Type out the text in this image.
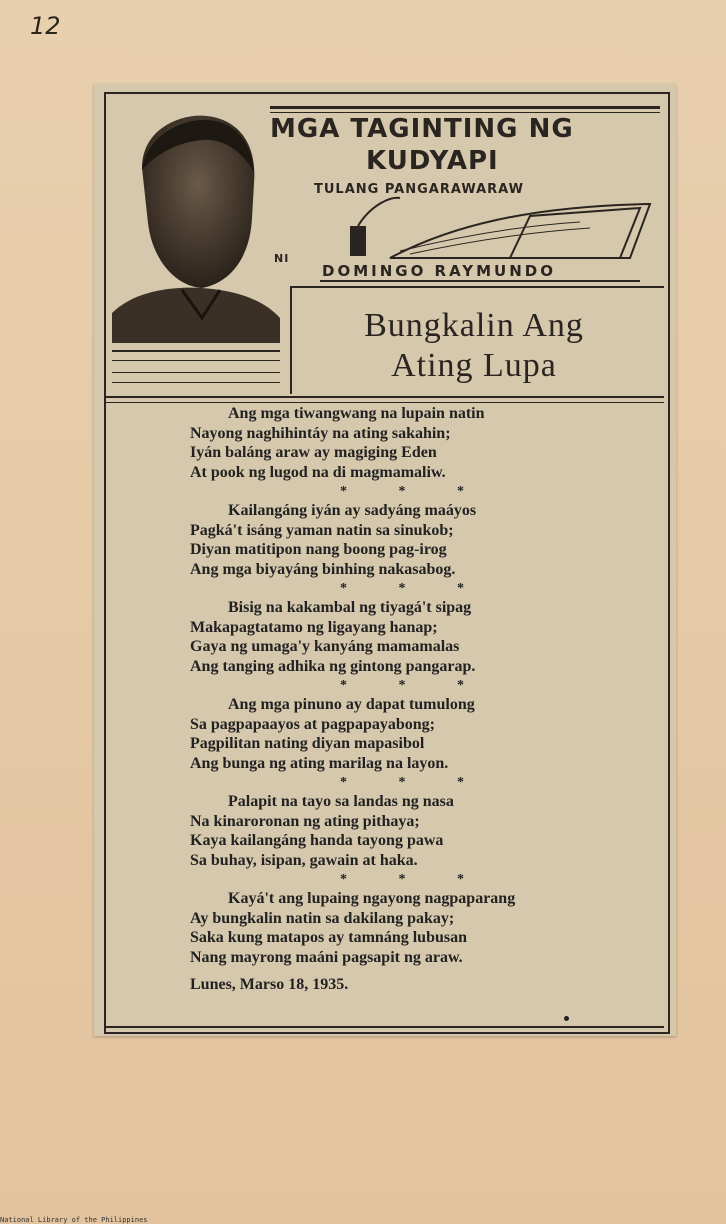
12
MGA TAGINTING NG
KUDYAPI
TULANG PANGARAWARAW
NI
DOMINGO RAYMUNDO
Bungkalin Ang
Ating Lupa
Ang mga tiwangwang na lupain natin
Nayong naghihintáy na ating sakahin;
Iyán baláng araw ay magiging Eden
At pook ng lugod na di magmamaliw.
* * *
Kailangáng iyán ay sadyáng maáyos
Pagká't isáng yaman natin sa sinukob;
Diyan matitipon nang boong pag-irog
Ang mga biyayáng binhing nakasabog.
* * *
Bisig na kakambal ng tiyagá't sipag
Makapagtatamo ng ligayang hanap;
Gaya ng umaga'y kanyáng mamamalas
Ang tanging adhika ng gintong pangarap.
* * *
Ang mga pinuno ay dapat tumulong
Sa pagpapaayos at pagpapayabong;
Pagpilitan nating diyan mapasibol
Ang bunga ng ating marilag na layon.
* * *
Palapit na tayo sa landas ng nasa
Na kinaroronan ng ating pithaya;
Kaya kailangáng handa tayong pawa
Sa buhay, isipan, gawain at haka.
* * *
Kayá't ang lupaing ngayong nagpaparang
Ay bungkalin natin sa dakilang pakay;
Saka kung matapos ay tamnáng lubusan
Nang mayrong maáni pagsapit ng araw.
Lunes, Marso 18, 1935.
National Library of the Philippines
